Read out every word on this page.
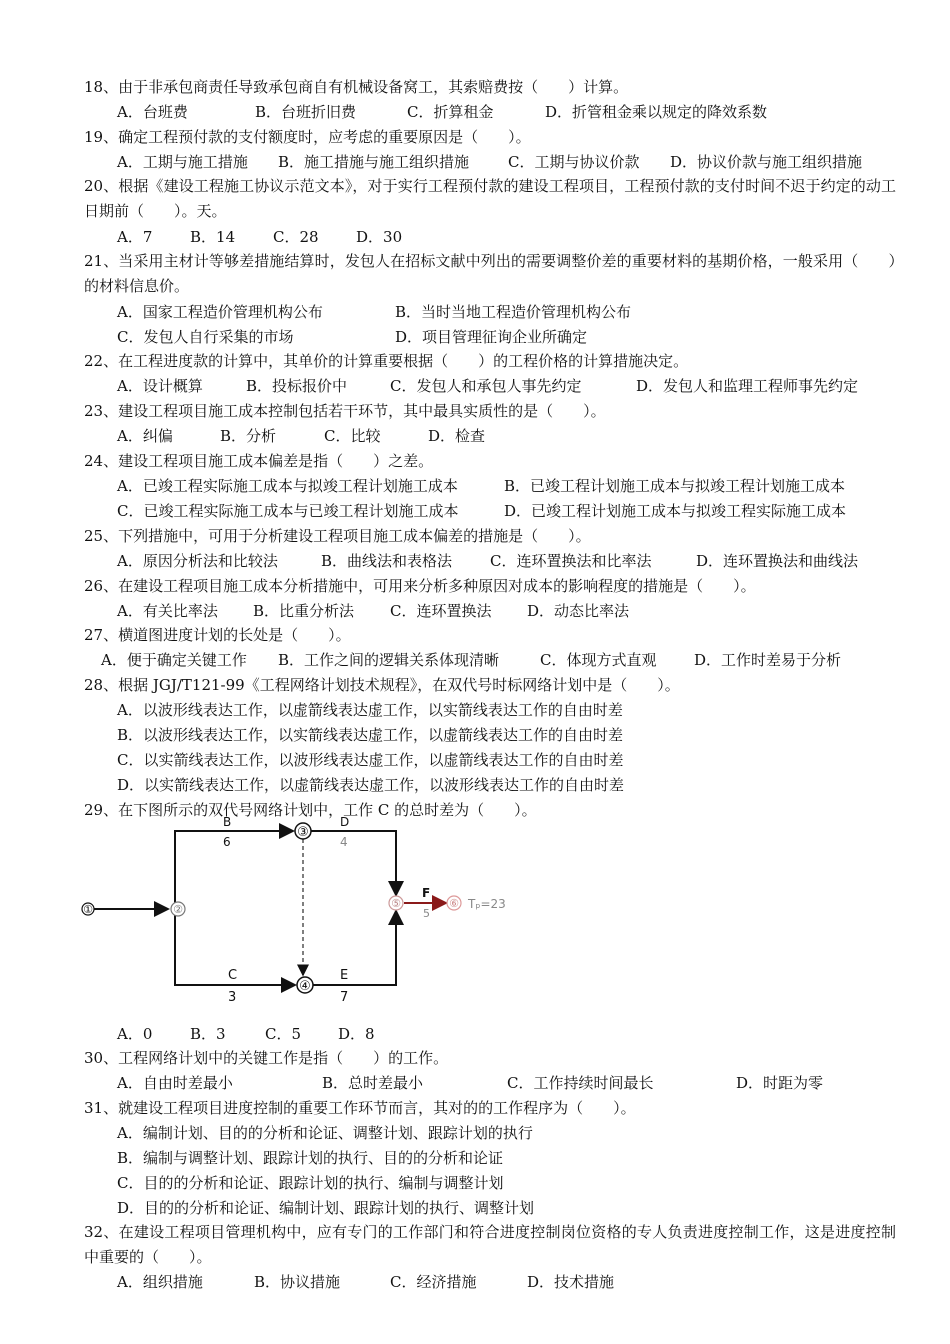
18、由于非承包商责任导致承包商自有机械设备窝工，其索赔费按（　　）计算。
A．台班费	B．台班折旧费	C．折算租金	D．折管租金乘以规定的降效系数
19、确定工程预付款的支付额度时，应考虑的重要原因是（　　）。
A．工期与施工措施 B．施工措施与施工组织措施	C．工期与协议价款 D．协议价款与施工组织措施
20、根据《建设工程施工协议示范文本》，对于实行工程预付款的建设工程项目，工程预付款的支付时间不迟于约定的动工日期前（　　）。天。
A．7	B．14	C．28 D．30
21、当采用主材计等够差措施结算时，发包人在招标文献中列出的需要调整价差的重要材料的基期价格，一般采用（　　）的材料信息价。
A．国家工程造价管理机构公布	B．当时当地工程造价管理机构公布
C．发包人自行采集的市场	D．项目管理征询企业所确定
22、在工程进度款的计算中，其单价的计算重要根据（　　）的工程价格的计算措施决定。
A．设计概算	B．投标报价中	C．发包人和承包人事先约定	D．发包人和监理工程师事先约定
23、建设工程项目施工成本控制包括若干环节，其中最具实质性的是（　　）。
A．纠偏	B．分析	C．比较	D．检查
24、建设工程项目施工成本偏差是指（　　）之差。
A．已竣工程实际施工成本与拟竣工程计划施工成本	B．已竣工程计划施工成本与拟竣工程计划施工成本
C．已竣工程实际施工成本与已竣工程计划施工成本	D．已竣工程计划施工成本与拟竣工程实际施工成本
25、下列措施中，可用于分析建设工程项目施工成本偏差的措施是（　　）。
A．原因分析法和比较法	B．曲线法和表格法	C．连环置换法和比率法	D．连环置换法和曲线法
26、在建设工程项目施工成本分析措施中，可用来分析多种原因对成本的影响程度的措施是（　　）。
A．有关比率法 B．比重分析法 C．连环置换法 D．动态比率法
27、横道图进度计划的长处是（　　）。
A．便于确定关键工作 B．工作之间的逻辑关系体现清晰	C．体现方式直观	D．工作时差易于分析
28、根据 JGJ/T121-99《工程网络计划技术规程》，在双代号时标网络计划中是（　　）。
A．以波形线表达工作，以虚箭线表达虚工作，以实箭线表达工作的自由时差
B．以波形线表达工作，以实箭线表达虚工作，以虚箭线表达工作的自由时差
C．以实箭线表达工作，以波形线表达虚工作，以虚箭线表达工作的自由时差
D．以实箭线表达工作，以虚箭线表达虚工作，以波形线表达工作的自由时差
29、在下图所示的双代号网络计划中，工作 C 的总时差为（　　）。
①	②
③
④
⑤	⑥
B
6
D
4
C
3
E
7
F
5
Tₚ=23
A．0	B．3	C．5 D．8
30、工程网络计划中的关键工作是指（　　）的工作。
A．自由时差最小	B．总时差最小	C．工作持续时间最长	D．时距为零
31、就建设工程项目进度控制的重要工作环节而言，其对的的工作程序为（　　）。
A．编制计划、目的的分析和论证、调整计划、跟踪计划的执行
B．编制与调整计划、跟踪计划的执行、目的的分析和论证
C．目的的分析和论证、跟踪计划的执行、编制与调整计划
D．目的的分析和论证、编制计划、跟踪计划的执行、调整计划
32、在建设工程项目管理机构中，应有专门的工作部门和符合进度控制岗位资格的专人负责进度控制工作，这是进度控制中重要的（　　）。
A．组织措施	B．协议措施	C．经济措施	D．技术措施
